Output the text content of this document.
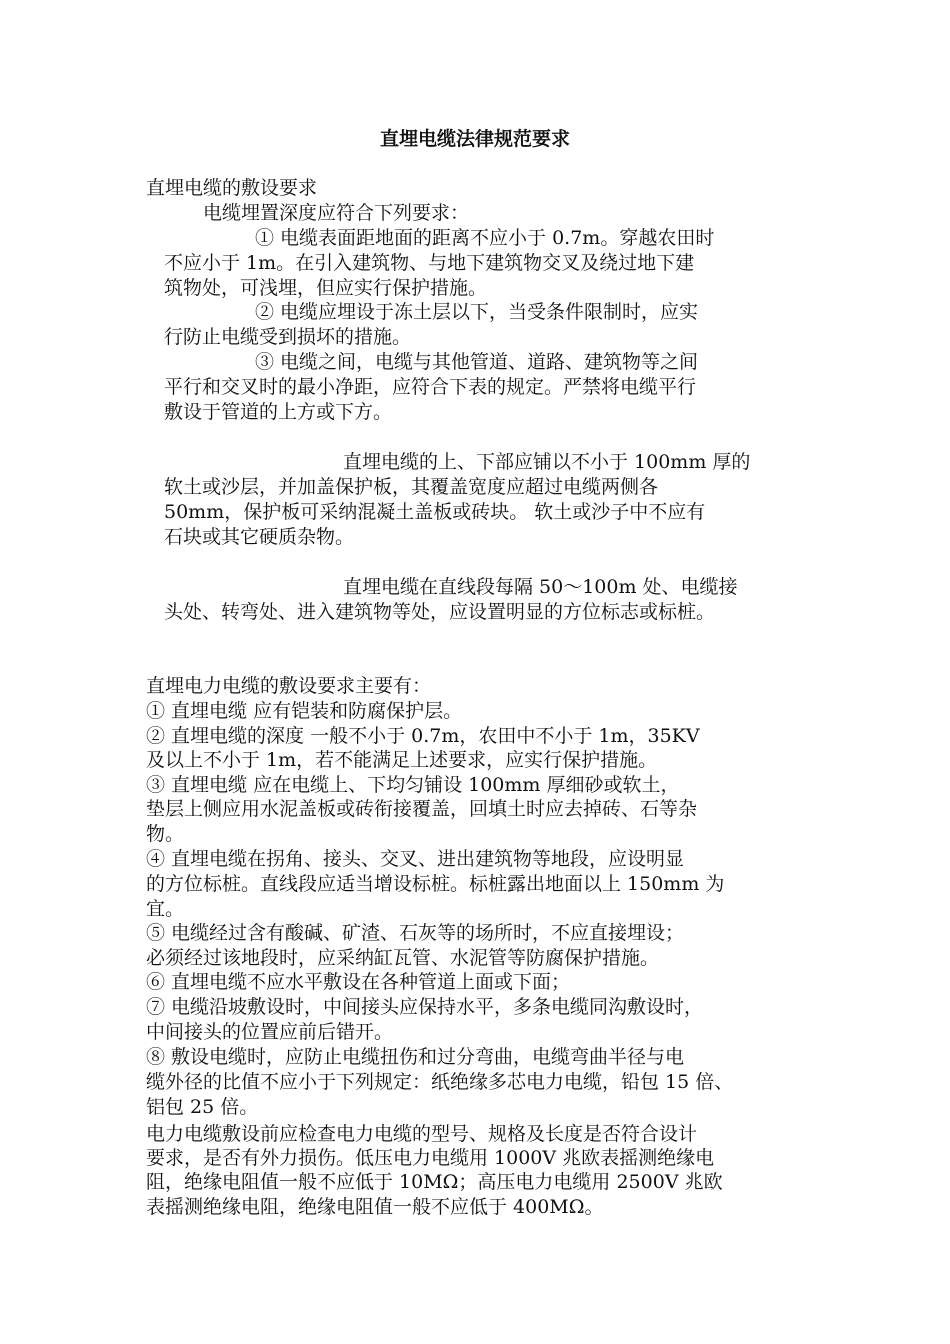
直埋电缆法律规范要求
直埋电缆的敷设要求
电缆埋置深度应符合下列要求：
① 电缆表面距地面的距离不应小于 0.7m。穿越农田时
不应小于 1m。在引入建筑物、与地下建筑物交叉及绕过地下建
筑物处，可浅埋，但应实行保护措施。
② 电缆应埋设于冻土层以下，当受条件限制时，应实
行防止电缆受到损坏的措施。
③ 电缆之间，电缆与其他管道、道路、建筑物等之间
平行和交叉时的最小净距，应符合下表的规定。严禁将电缆平行
敷设于管道的上方或下方。
直埋电缆的上、下部应铺以不小于 100mm 厚的
软土或沙层，并加盖保护板，其覆盖宽度应超过电缆两侧各
50mm，保护板可采纳混凝土盖板或砖块。 软土或沙子中不应有
石块或其它硬质杂物。
直埋电缆在直线段每隔 50～100m 处、电缆接
头处、转弯处、进入建筑物等处，应设置明显的方位标志或标桩。
直埋电力电缆的敷设要求主要有：
① 直埋电缆 应有铠装和防腐保护层。
② 直埋电缆的深度 一般不小于 0.7m，农田中不小于 1m，35KV
及以上不小于 1m，若不能满足上述要求，应实行保护措施。
③ 直埋电缆 应在电缆上、下均匀铺设 100mm 厚细砂或软土，
垫层上侧应用水泥盖板或砖衔接覆盖，回填土时应去掉砖、石等杂
物。
④ 直埋电缆在拐角、接头、交叉、进出建筑物等地段，应设明显
的方位标桩。直线段应适当增设标桩。标桩露出地面以上 150mm 为
宜。
⑤ 电缆经过含有酸碱、矿渣、石灰等的场所时，不应直接埋设；
必须经过该地段时，应采纳缸瓦管、水泥管等防腐保护措施。
⑥ 直埋电缆不应水平敷设在各种管道上面或下面；
⑦ 电缆沿坡敷设时，中间接头应保持水平，多条电缆同沟敷设时，
中间接头的位置应前后错开。
⑧ 敷设电缆时，应防止电缆扭伤和过分弯曲，电缆弯曲半径与电
缆外径的比值不应小于下列规定：纸绝缘多芯电力电缆，铅包 15 倍、
铝包 25 倍。
电力电缆敷设前应检查电力电缆的型号、规格及长度是否符合设计
要求，是否有外力损伤。低压电力电缆用 1000V 兆欧表摇测绝缘电
阻，绝缘电阻值一般不应低于 10MΩ；高压电力电缆用 2500V 兆欧
表摇测绝缘电阻，绝缘电阻值一般不应低于 400MΩ。
